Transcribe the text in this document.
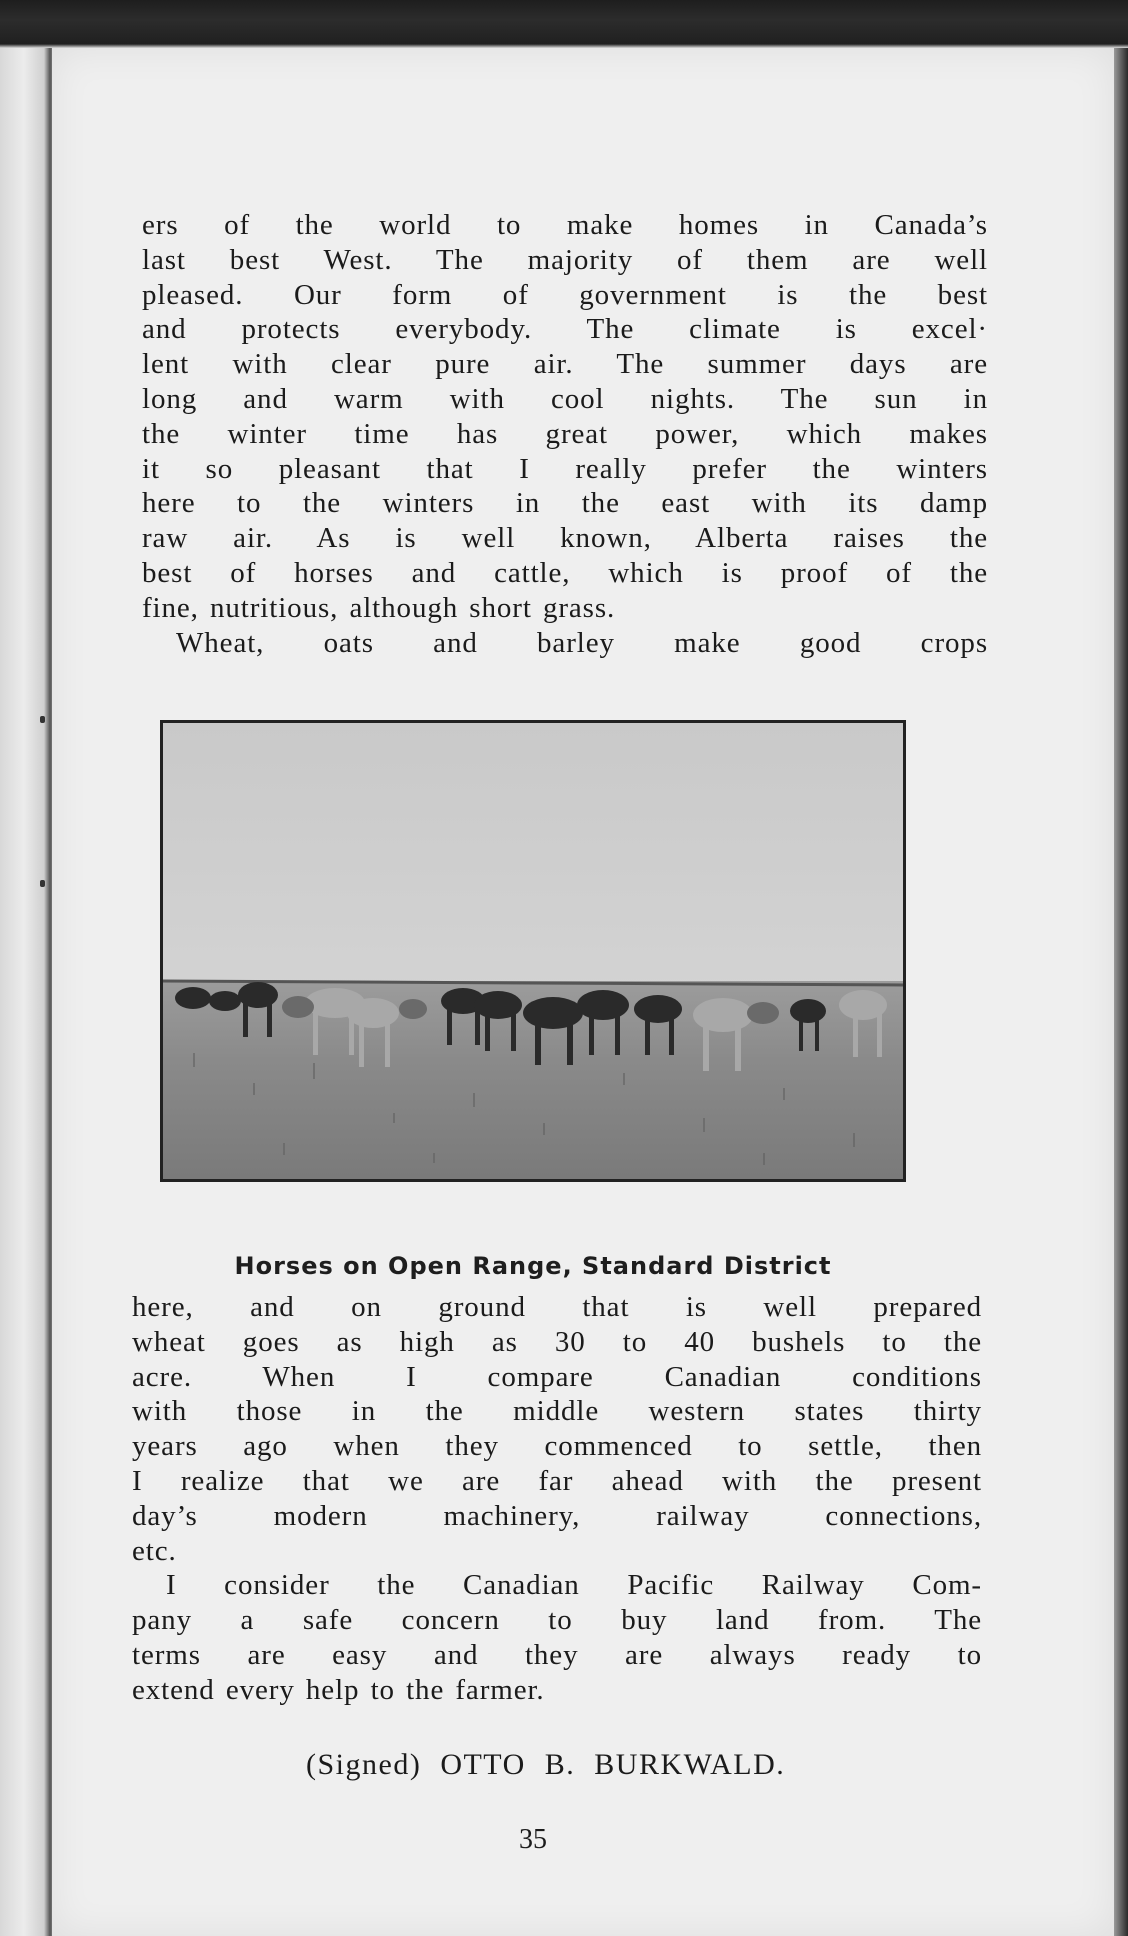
ers of the world to make homes in Canada’s
last best West. The majority of them are well
pleased. Our form of government is the best
and protects everybody. The climate is excel·
lent with clear pure air. The summer days are
long and warm with cool nights. The sun in
the winter time has great power, which makes
it so pleasant that I really prefer the winters
here to the winters in the east with its damp
raw air. As is well known, Alberta raises the
best of horses and cattle, which is proof of the
fine, nutritious, although short grass.
Wheat, oats and barley make good crops
Horses on Open Range, Standard District
here, and on ground that is well prepared
wheat goes as high as 30 to 40 bushels to the
acre. When I compare Canadian conditions
with those in the middle western states thirty
years ago when they commenced to settle, then
I realize that we are far ahead with the present
day’s modern machinery, railway connections,
etc.
I consider the Canadian Pacific Railway Com-
pany a safe concern to buy land from. The
terms are easy and they are always ready to
extend every help to the farmer.
(Signed) OTTO B. BURKWALD.
35
